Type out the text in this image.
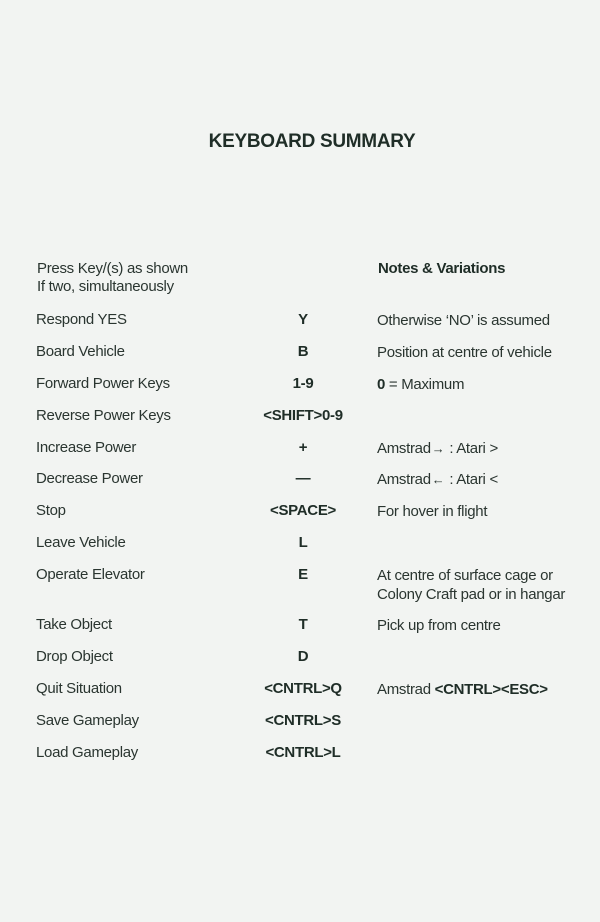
KEYBOARD SUMMARY
Press Key/(s) as shown
If two, simultaneously
Notes & Variations
Respond YES	Y	Otherwise ‘NO’ is assumed
Board Vehicle	B	Position at centre of vehicle
Forward Power Keys	1-9	0 = Maximum
Reverse Power Keys	<SHIFT>0-9
Increase Power	+	Amstrad→ : Atari >
Decrease Power	—	Amstrad← : Atari <
Stop	<SPACE>	For hover in flight
Leave Vehicle	L
Operate Elevator	E	At centre of surface cage or
Colony Craft pad or in hangar
Take Object	T	Pick up from centre
Drop Object	D
Quit Situation	<CNTRL>Q	Amstrad <CNTRL><ESC>
Save Gameplay	<CNTRL>S
Load Gameplay	<CNTRL>L
